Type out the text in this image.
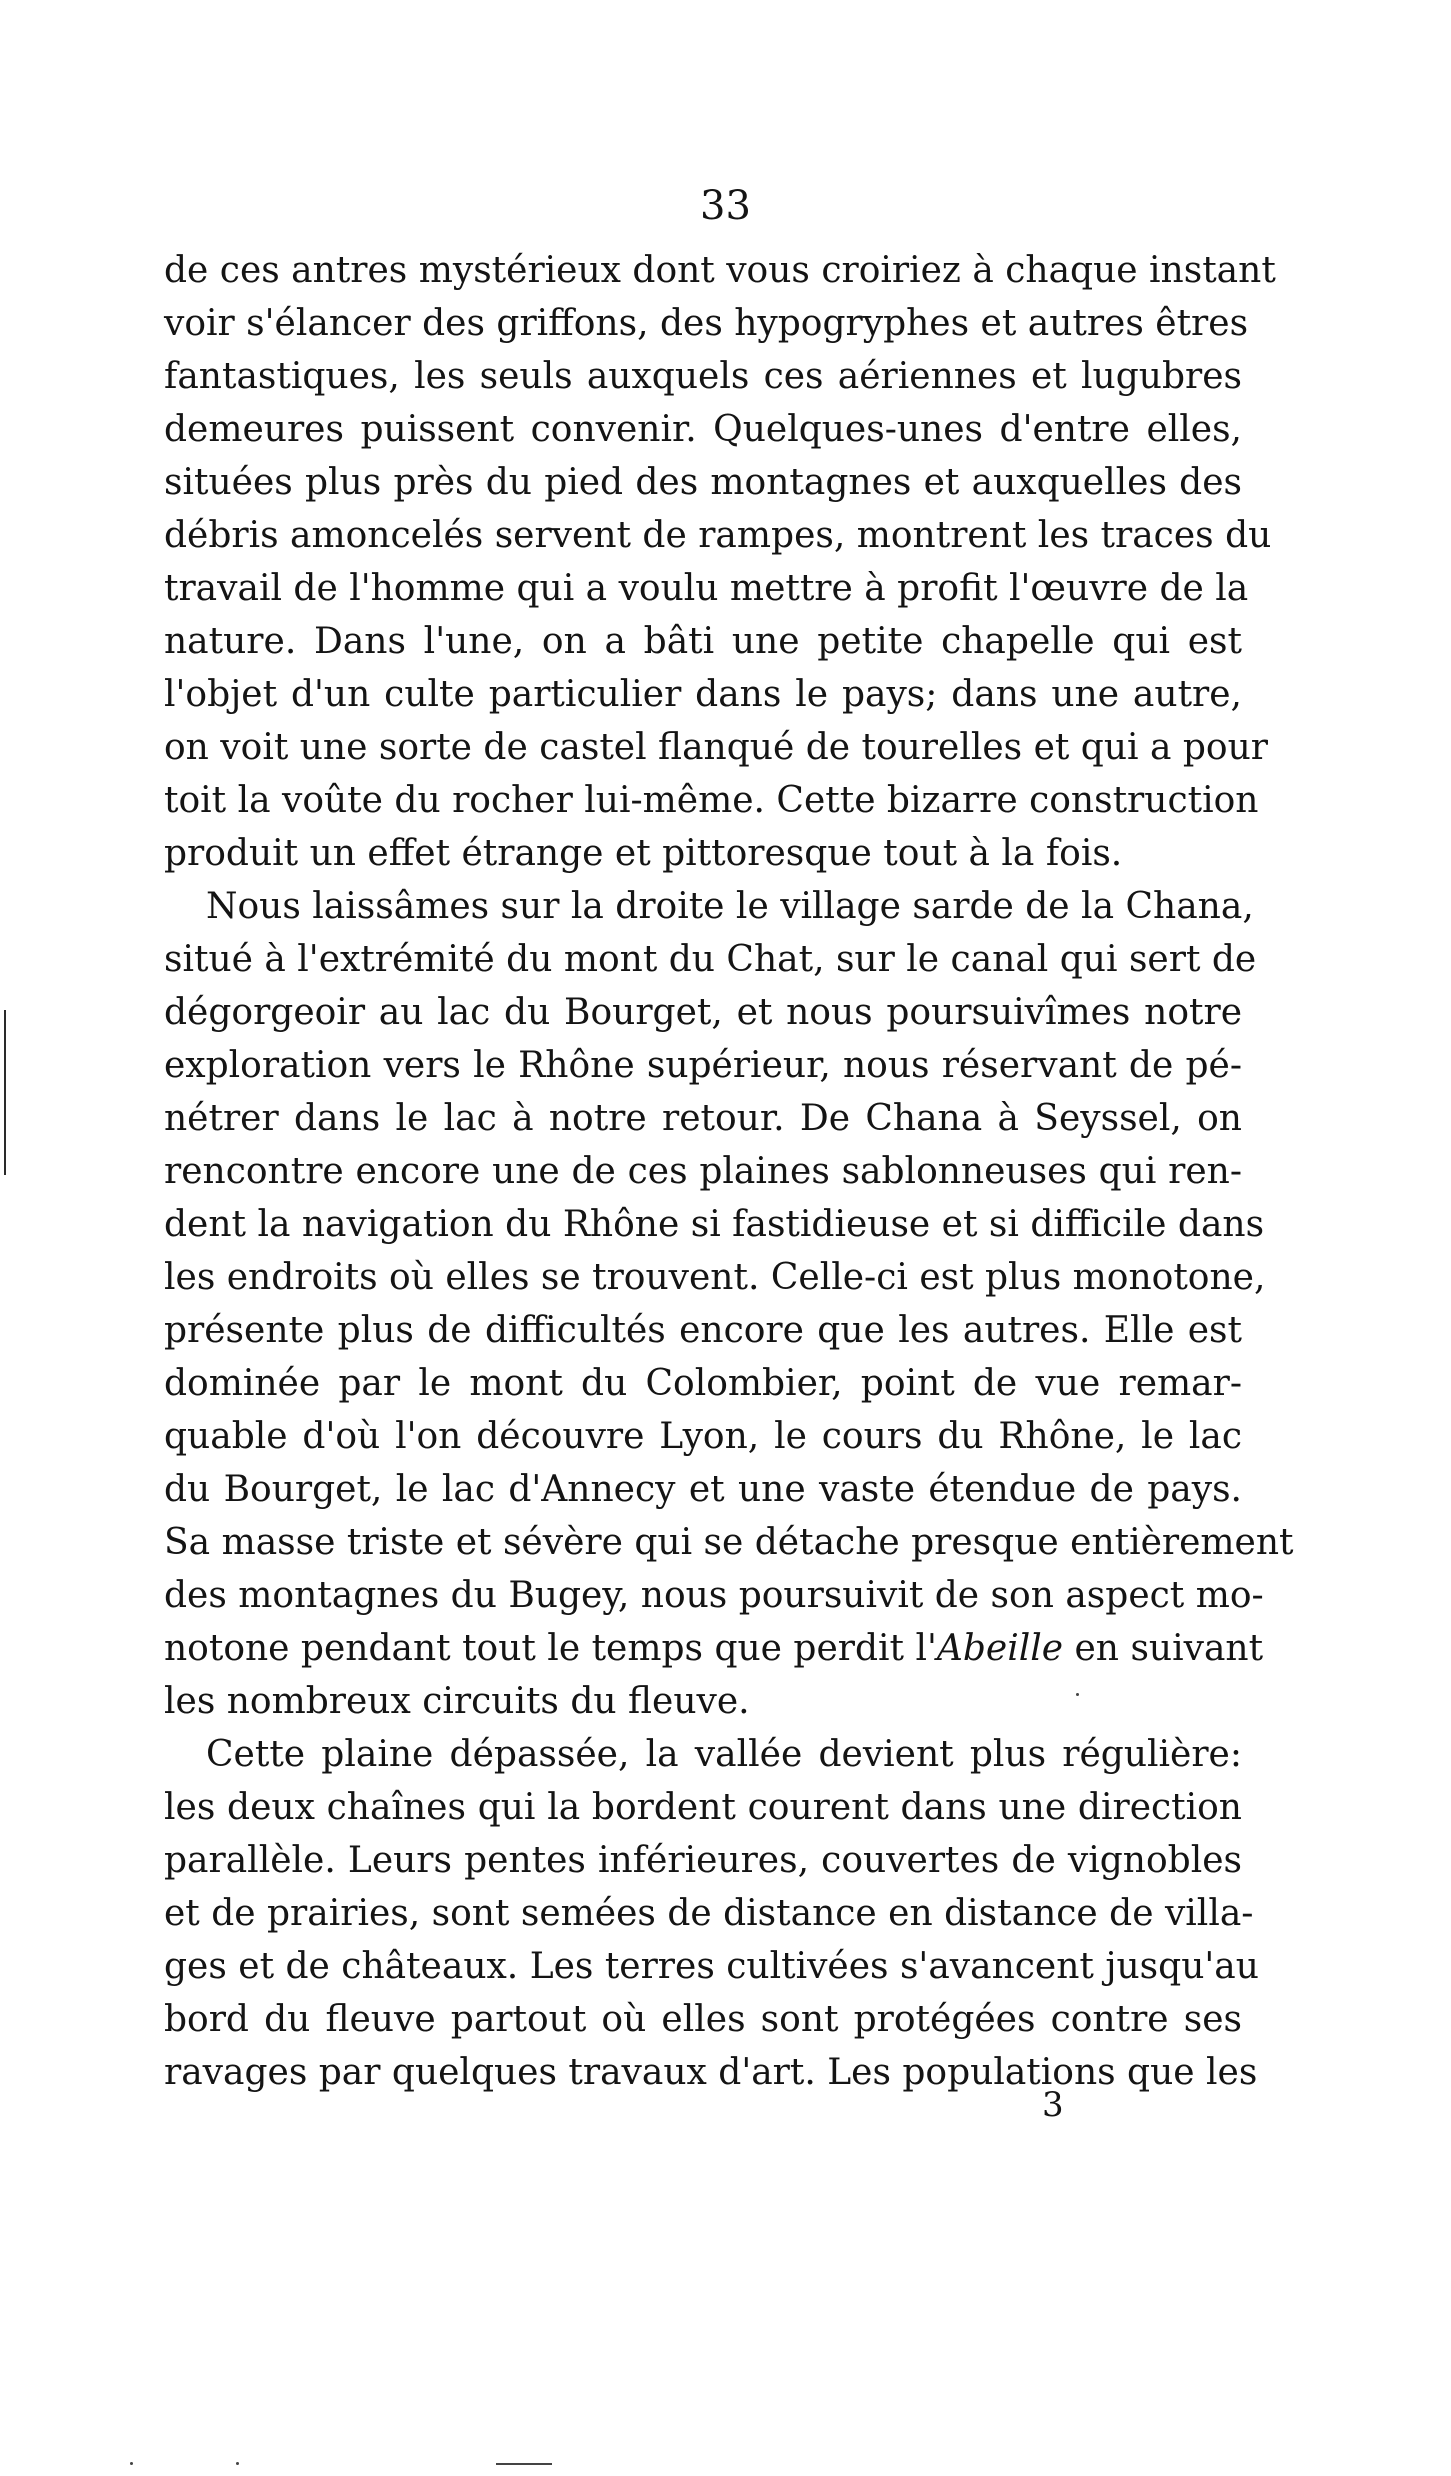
33
de ces antres mystérieux dont vous croiriez à chaque instant
voir s'élancer des griffons, des hypogryphes et autres êtres
fantastiques, les seuls auxquels ces aériennes et lugubres
demeures puissent convenir. Quelques-unes d'entre elles,
situées plus près du pied des montagnes et auxquelles des
débris amoncelés servent de rampes, montrent les traces du
travail de l'homme qui a voulu mettre à profit l'œuvre de la
nature. Dans l'une, on a bâti une petite chapelle qui est
l'objet d'un culte particulier dans le pays; dans une autre,
on voit une sorte de castel flanqué de tourelles et qui a pour
toit la voûte du rocher lui-même. Cette bizarre construction
produit un effet étrange et pittoresque tout à la fois.
Nous laissâmes sur la droite le village sarde de la Chana,
situé à l'extrémité du mont du Chat, sur le canal qui sert de
dégorgeoir au lac du Bourget, et nous poursuivîmes notre
exploration vers le Rhône supérieur, nous réservant de pé-
nétrer dans le lac à notre retour. De Chana à Seyssel, on
rencontre encore une de ces plaines sablonneuses qui ren-
dent la navigation du Rhône si fastidieuse et si difficile dans
les endroits où elles se trouvent. Celle-ci est plus monotone,
présente plus de difficultés encore que les autres. Elle est
dominée par le mont du Colombier, point de vue remar-
quable d'où l'on découvre Lyon, le cours du Rhône, le lac
du Bourget, le lac d'Annecy et une vaste étendue de pays.
Sa masse triste et sévère qui se détache presque entièrement
des montagnes du Bugey, nous poursuivit de son aspect mo-
notone pendant tout le temps que perdit l'Abeille en suivant
les nombreux circuits du fleuve.
Cette plaine dépassée, la vallée devient plus régulière:
les deux chaînes qui la bordent courent dans une direction
parallèle. Leurs pentes inférieures, couvertes de vignobles
et de prairies, sont semées de distance en distance de villa-
ges et de châteaux. Les terres cultivées s'avancent jusqu'au
bord du fleuve partout où elles sont protégées contre ses
ravages par quelques travaux d'art. Les populations que les
3
